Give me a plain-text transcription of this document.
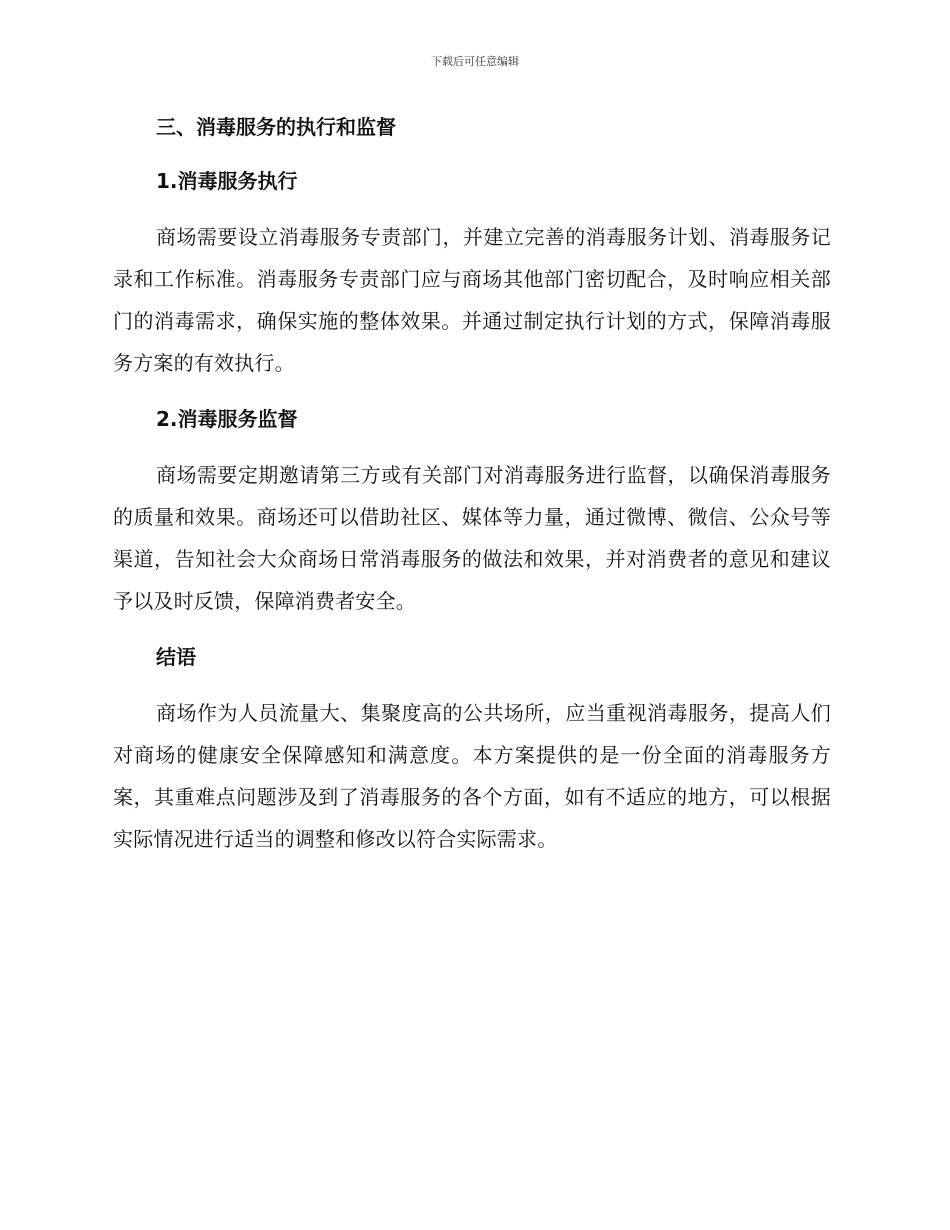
下载后可任意编辑
三、消毒服务的执行和监督
1.消毒服务执行

商场需要设立消毒服务专责部门，并建立完善的消毒服务计划、消毒服务记录和工作标准。消毒服务专责部门应与商场其他部门密切配合，及时响应相关部门的消毒需求，确保实施的整体效果。并通过制定执行计划的方式，保障消毒服务方案的有效执行。

2.消毒服务监督

商场需要定期邀请第三方或有关部门对消毒服务进行监督，以确保消毒服务的质量和效果。商场还可以借助社区、媒体等力量，通过微博、微信、公众号等渠道，告知社会大众商场日常消毒服务的做法和效果，并对消费者的意见和建议予以及时反馈，保障消费者安全。

结语

商场作为人员流量大、集聚度高的公共场所，应当重视消毒服务，提高人们对商场的健康安全保障感知和满意度。本方案提供的是一份全面的消毒服务方案，其重难点问题涉及到了消毒服务的各个方面，如有不适应的地方，可以根据实际情况进行适当的调整和修改以符合实际需求。
